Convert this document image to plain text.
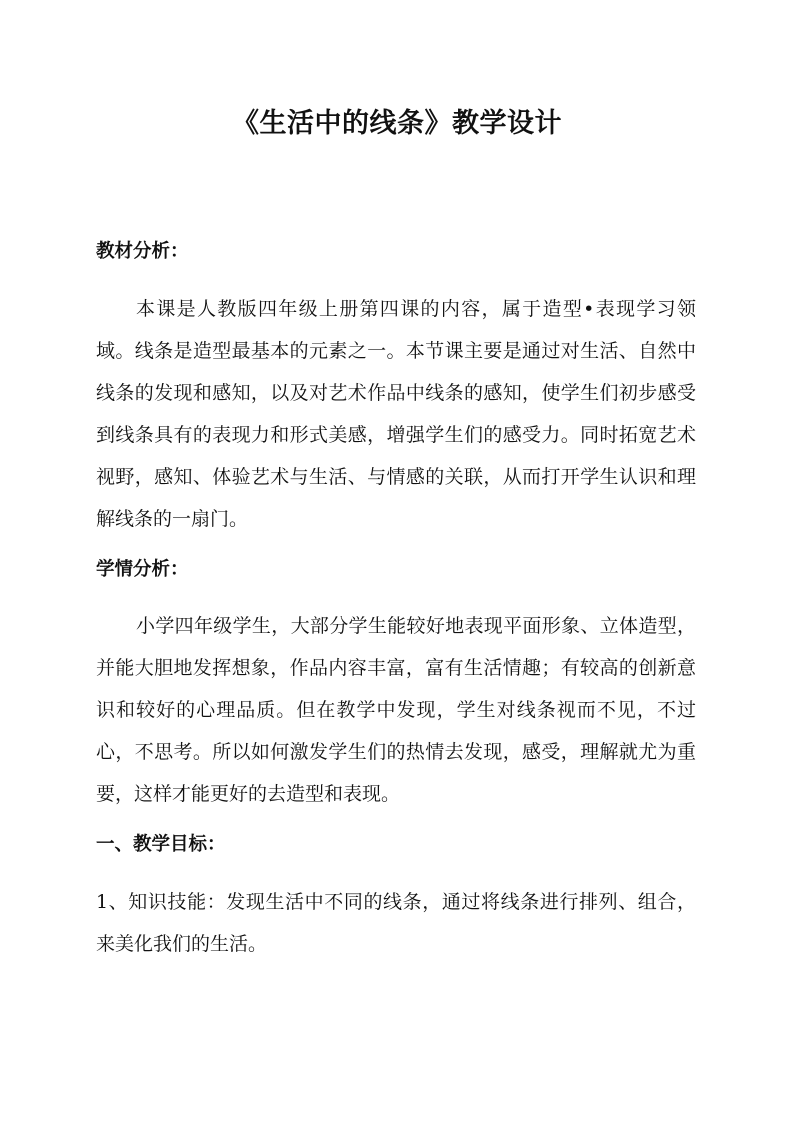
《生活中的线条》教学设计
教材分析：
本课是人教版四年级上册第四课的内容，属于造型•表现学习领域。线条是造型最基本的元素之一。本节课主要是通过对生活、自然中线条的发现和感知，以及对艺术作品中线条的感知，使学生们初步感受到线条具有的表现力和形式美感，增强学生们的感受力。同时拓宽艺术视野，感知、体验艺术与生活、与情感的关联，从而打开学生认识和理解线条的一扇门。
学情分析：
小学四年级学生，大部分学生能较好地表现平面形象、立体造型，并能大胆地发挥想象，作品内容丰富，富有生活情趣；有较高的创新意识和较好的心理品质。但在教学中发现，学生对线条视而不见，不过心，不思考。所以如何激发学生们的热情去发现，感受，理解就尤为重要，这样才能更好的去造型和表现。
一、教学目标：
1、知识技能：发现生活中不同的线条，通过将线条进行排列、组合，来美化我们的生活。
